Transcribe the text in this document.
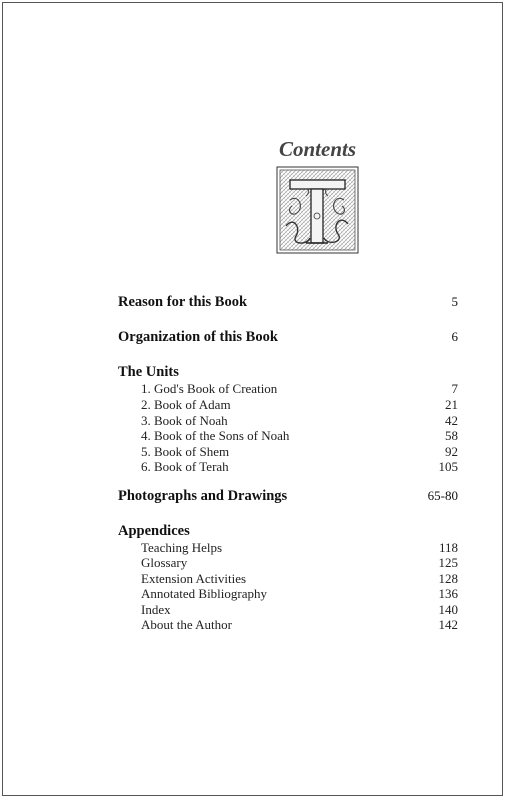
Contents
Reason for this Book	5
Organization of this Book	6
The Units
1. God's Book of Creation	7
2. Book of Adam	21
3. Book of Noah	42
4. Book of the Sons of Noah	58
5. Book of Shem	92
6. Book of Terah	105
Photographs and Drawings	65-80
Appendices
Teaching Helps	118
Glossary	125
Extension Activities	128
Annotated Bibliography	136
Index	140
About the Author	142
